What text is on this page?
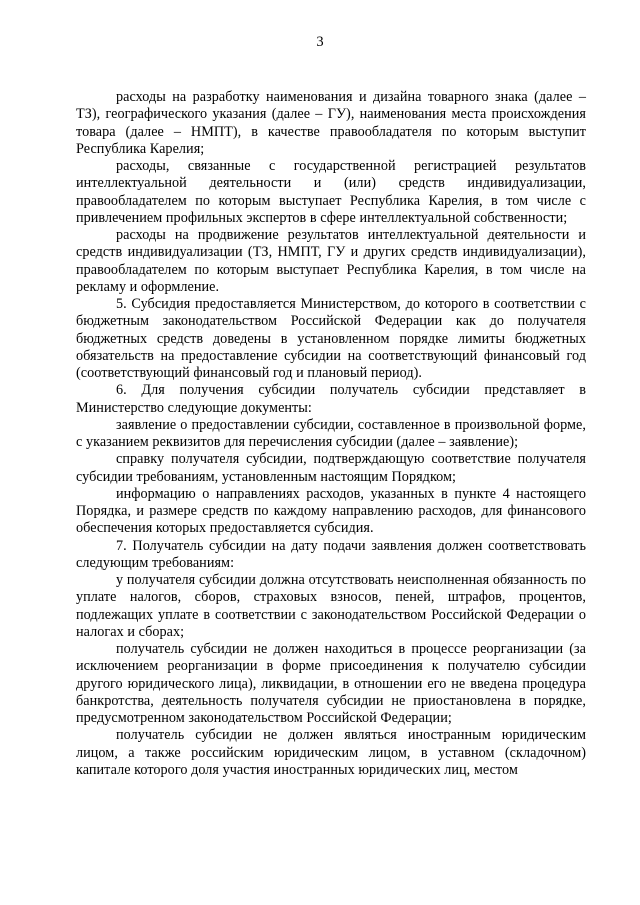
3

расходы на разработку наименования и дизайна товарного знака (далее – ТЗ), географического указания (далее – ГУ), наименования места происхождения товара (далее – НМПТ), в качестве правообладателя по которым выступит Республика Карелия;

расходы, связанные с государственной регистрацией результатов интеллектуальной деятельности и (или) средств индивидуализации, правообладателем по которым выступает Республика Карелия, в том числе с привлечением профильных экспертов в сфере интеллектуальной собственности;

расходы на продвижение результатов интеллектуальной деятельности и средств индивидуализации (ТЗ, НМПТ, ГУ и других средств индивидуализации), правообладателем по которым выступает Республика Карелия, в том числе на рекламу и оформление.

5. Субсидия предоставляется Министерством, до которого в соответствии с бюджетным законодательством Российской Федерации как до получателя бюджетных средств доведены в установленном порядке лимиты бюджетных обязательств на предоставление субсидии на соответствующий финансовый год (соответствующий финансовый год и плановый период).

6. Для получения субсидии получатель субсидии представляет в Министерство следующие документы:

заявление о предоставлении субсидии, составленное в произвольной форме, с указанием реквизитов для перечисления субсидии (далее – заявление);

справку получателя субсидии, подтверждающую соответствие получателя субсидии требованиям, установленным настоящим Порядком;

информацию о направлениях расходов, указанных в пункте 4 настоящего Порядка, и размере средств по каждому направлению расходов, для финансового обеспечения которых предоставляется субсидия.

7. Получатель субсидии на дату подачи заявления должен соответствовать следующим требованиям:

у получателя субсидии должна отсутствовать неисполненная обязанность по уплате налогов, сборов, страховых взносов, пеней, штрафов, процентов, подлежащих уплате в соответствии с законодательством Российской Федерации о налогах и сборах;

получатель субсидии не должен находиться в процессе реорганизации (за исключением реорганизации в форме присоединения к получателю субсидии другого юридического лица), ликвидации, в отношении его не введена процедура банкротства, деятельность получателя субсидии не приостановлена в порядке, предусмотренном законодательством Российской Федерации;

получатель субсидии не должен являться иностранным юридическим лицом, а также российским юридическим лицом, в уставном (складочном) капитале которого доля участия иностранных юридических лиц, местом
